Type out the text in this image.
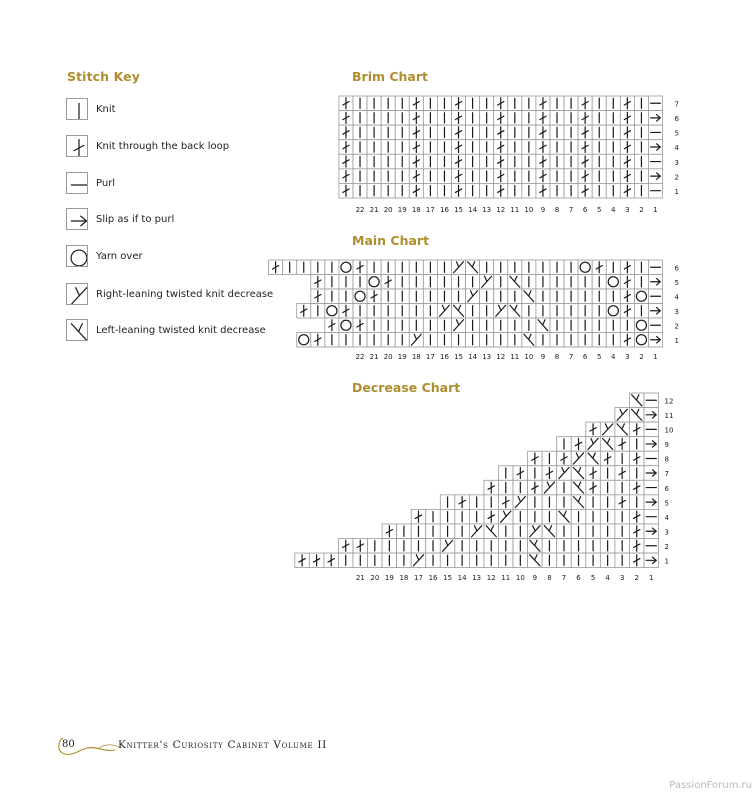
Stitch Key
Knit
Knit through the back loop
Purl
Slip as if to purl
Yarn over
Right-leaning twisted knit decrease
Left-leaning twisted knit decrease
Brim Chart
7
6
5
4
3
2
1
22 21 20 19 18 17 16 15 14 13 12 11 10 9 8 7 6 5 4 3 2 1
Main Chart
6
5
4
3
2
1
22 21 20 19 18 17 16 15 14 13 12 11 10 9 8 7 6 5 4 3 2 1
Decrease Chart
12
11
10
9
8
7
6
5
4
3
2
1
21 20 19 18 17 16 15 14 13 12 11 10 9 8 7 6 5 4 3 2 1
80	Knitter's Curiosity Cabinet Volume II
PassionForum.ru
